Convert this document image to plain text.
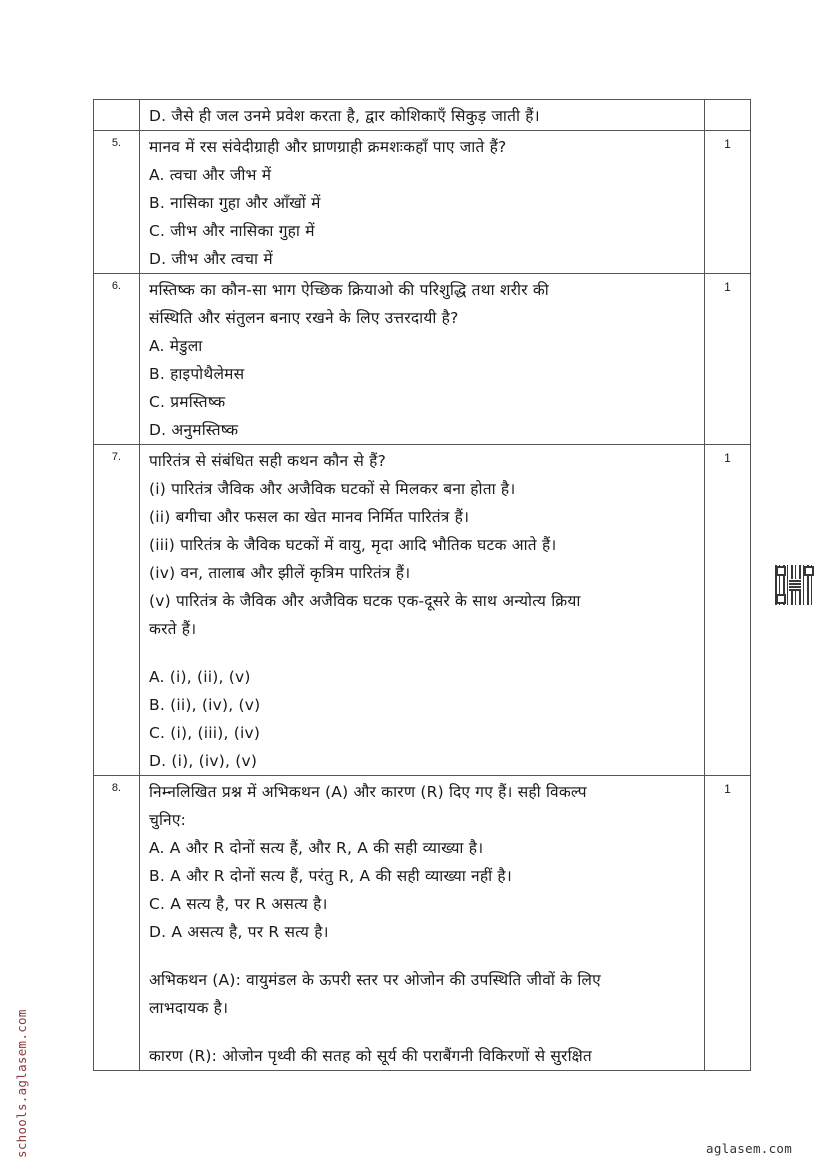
	D. जैसे ही जल उनमे प्रवेश करता है, द्वार कोशिकाएँ सिकुड़ जाती हैं।	

5.	मानव में रस संवेदीग्राही और घ्राणग्राही क्रमशःकहाँ पाए जाते हैं?
A. त्वचा और जीभ में
B. नासिका गुहा और आँखों में
C. जीभ और नासिका गुहा में
D. जीभ और त्वचा में	1
6.	मस्तिष्क का कौन-सा भाग ऐच्छिक क्रियाओ की परिशुद्धि तथा शरीर की
संस्थिति और संतुलन बनाए रखने के लिए उत्तरदायी है?
A. मेडुला
B. हाइपोथैलेमस
C. प्रमस्तिष्क
D. अनुमस्तिष्क
	1
7.	पारितंत्र से संबंधित सही कथन कौन से हैं?
(i) पारितंत्र जैविक और अजैविक घटकों से मिलकर बना होता है।
(ii) बगीचा और फसल का खेत मानव निर्मित पारितंत्र हैं।
(iii) पारितंत्र के जैविक घटकों में वायु, मृदा आदि भौतिक घटक आते हैं।
(iv) वन, तालाब और झीलें कृत्रिम पारितंत्र हैं।
(v) पारितंत्र के जैविक और अजैविक घटक एक-दूसरे के साथ अन्योत्य क्रिया
करते हैं।
A. (i), (ii), (v)
B. (ii), (iv), (v)
C. (i), (iii), (iv)
D. (i), (iv), (v)
	1
8.	निम्नलिखित प्रश्न में अभिकथन (A) और कारण (R) दिए गए हैं। सही विकल्प
चुनिए:
A. A और R दोनों सत्य हैं, और R, A की सही व्याख्या है।
B. A और R दोनों सत्य हैं, परंतु R, A की सही व्याख्या नहीं है।
C. A सत्य है, पर R असत्य है।
D. A असत्य है, पर R सत्य है।
अभिकथन (A): वायुमंडल के ऊपरी स्तर पर ओजोन की उपस्थिति जीवों के लिए
लाभदायक है।
कारण (R): ओजोन पृथ्वी की सतह को सूर्य की पराबैंगनी विकिरणों से सुरक्षित
	1
schools.aglasem.com	aglasem.com
